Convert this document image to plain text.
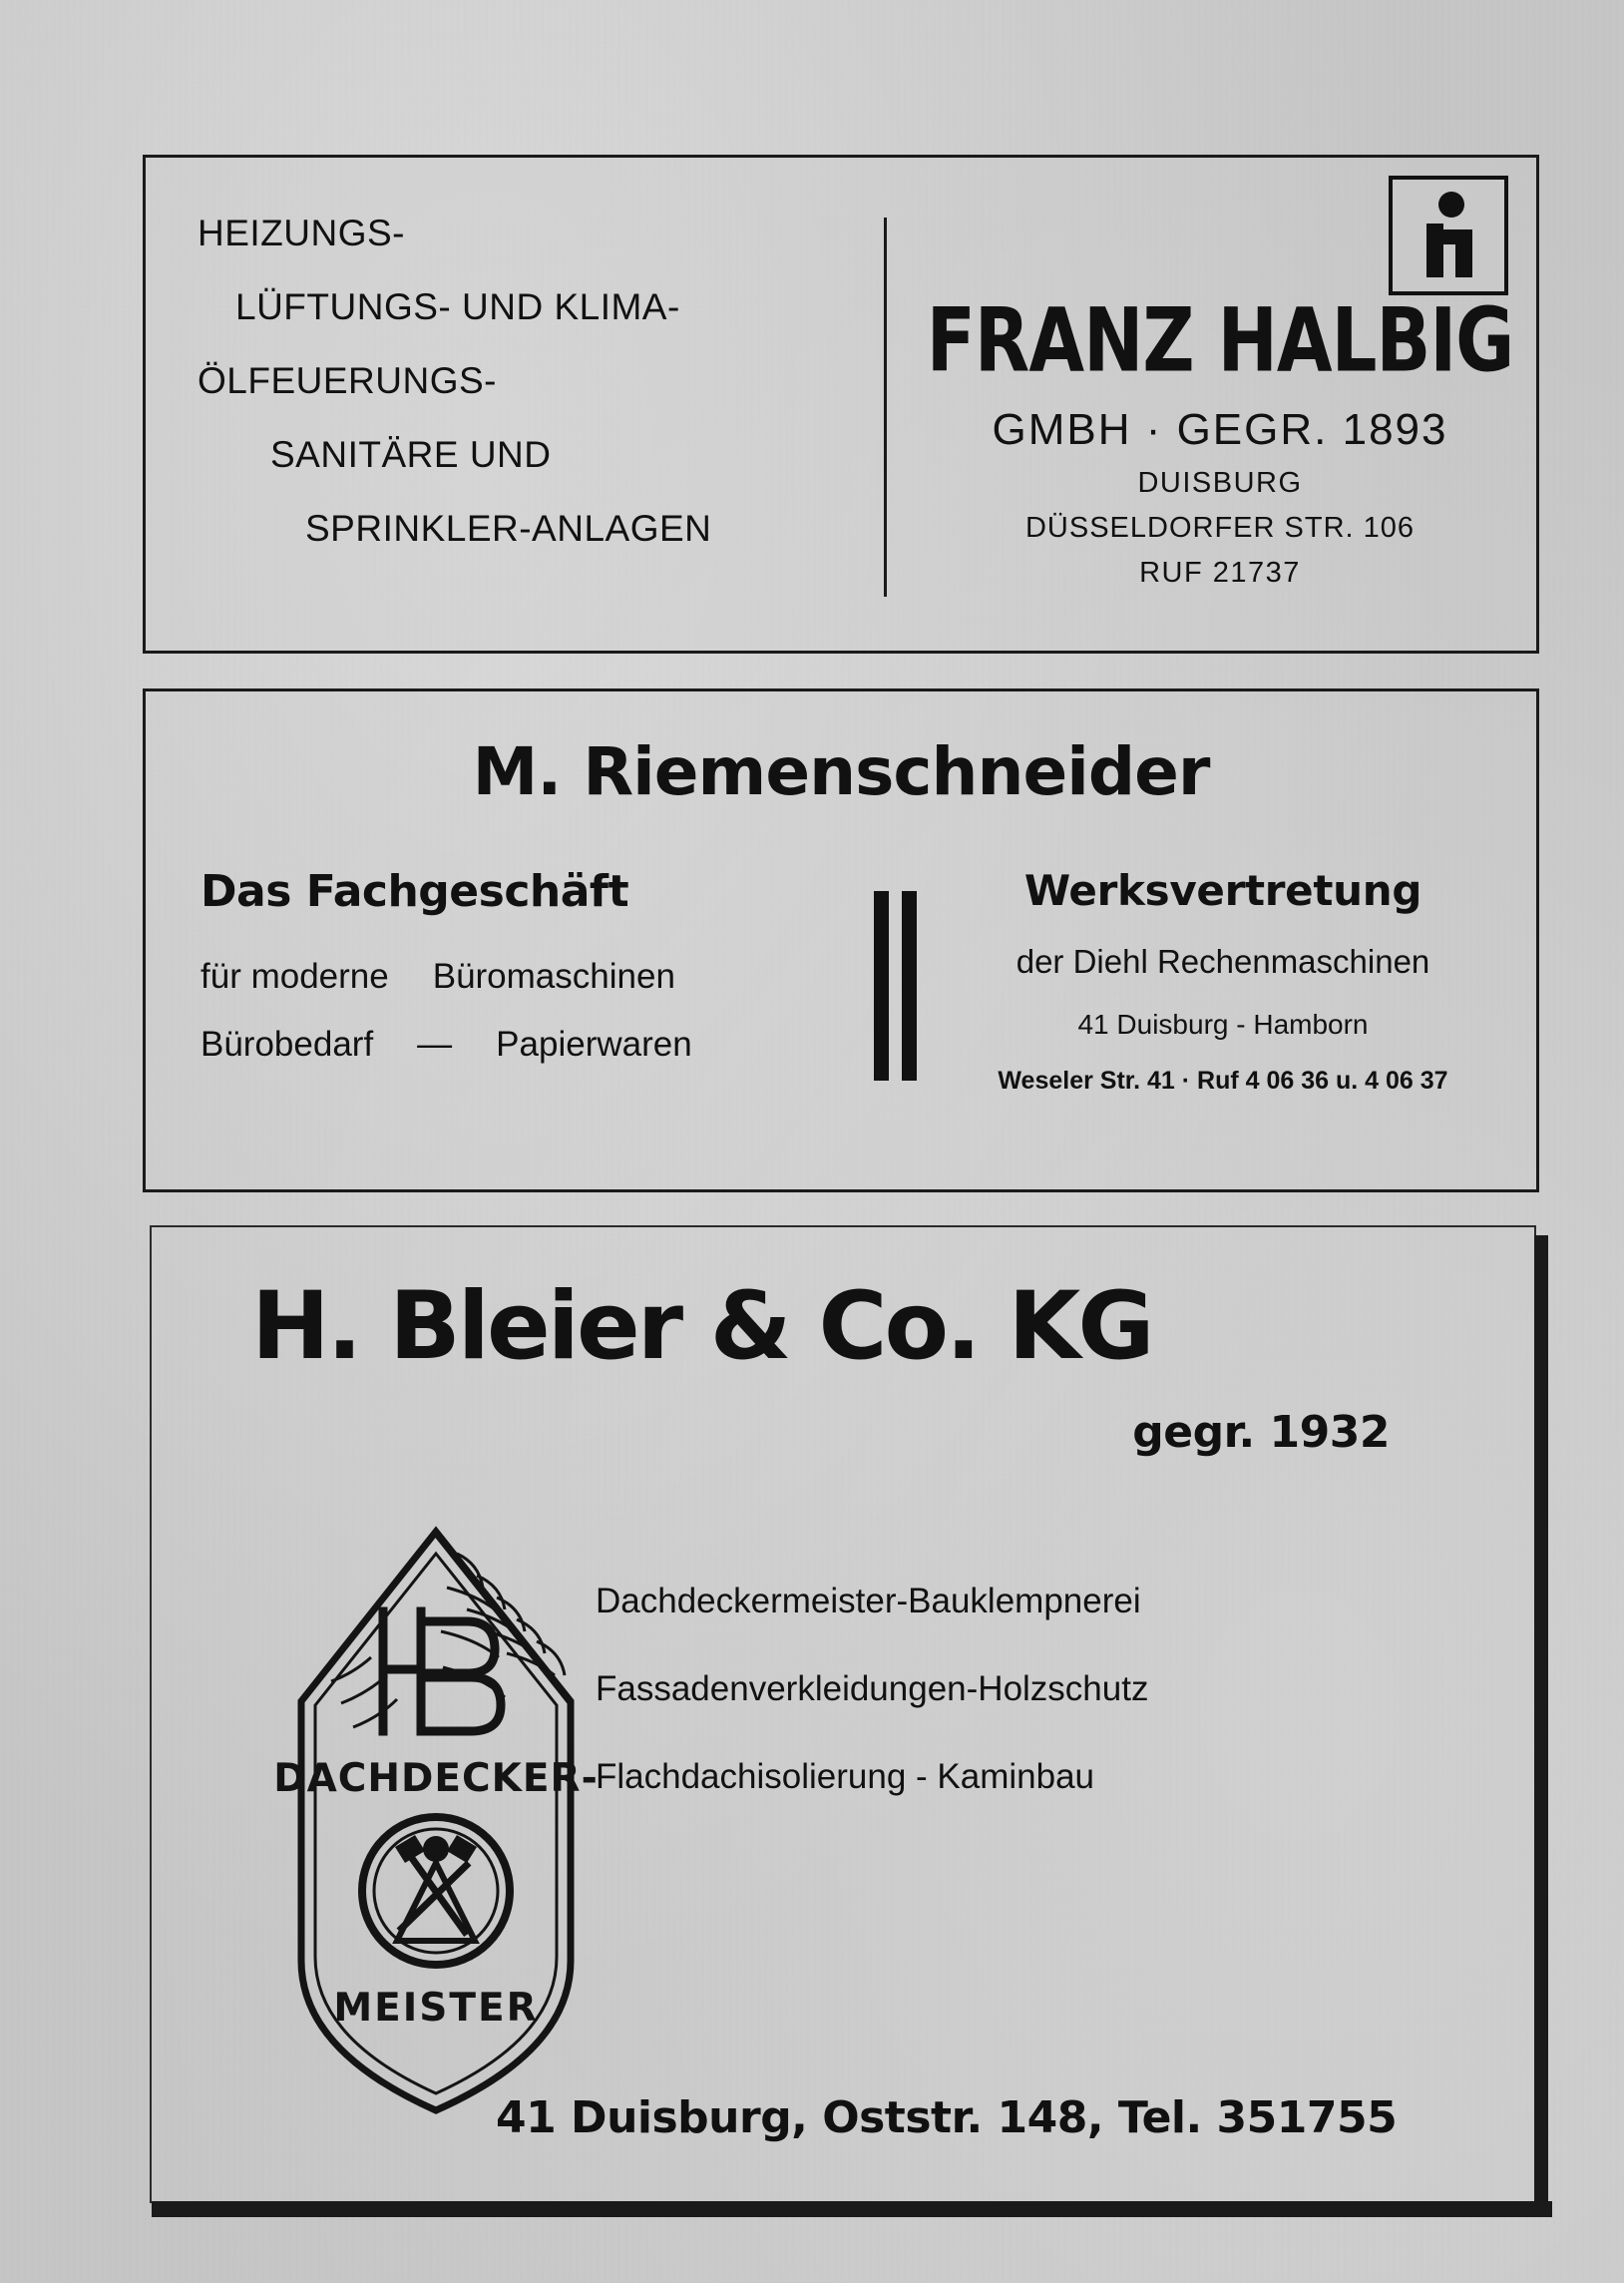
HEIZUNGS-
LÜFTUNGS- UND KLIMA-
ÖLFEUERUNGS-
SANITÄRE UND
SPRINKLER-ANLAGEN
FRANZ HALBIG
GMBH · GEGR. 1893
DUISBURG
DÜSSELDORFER STR. 106
RUF 21737
M. Riemenschneider
Das Fachgeschäft
für moderne Büromaschinen
Bürobedarf — Papierwaren
Werksvertretung
der Diehl Rechenmaschinen
41 Duisburg - Hamborn
Weseler Str. 41 · Ruf 4 06 36 u. 4 06 37
H. Bleier & Co. KG
gegr. 1932
DACHDECKER-
MEISTER
Dachdeckermeister-Bauklempnerei
Fassadenverkleidungen-Holzschutz
Flachdachisolierung - Kaminbau
41 Duisburg, Oststr. 148, Tel. 351755
